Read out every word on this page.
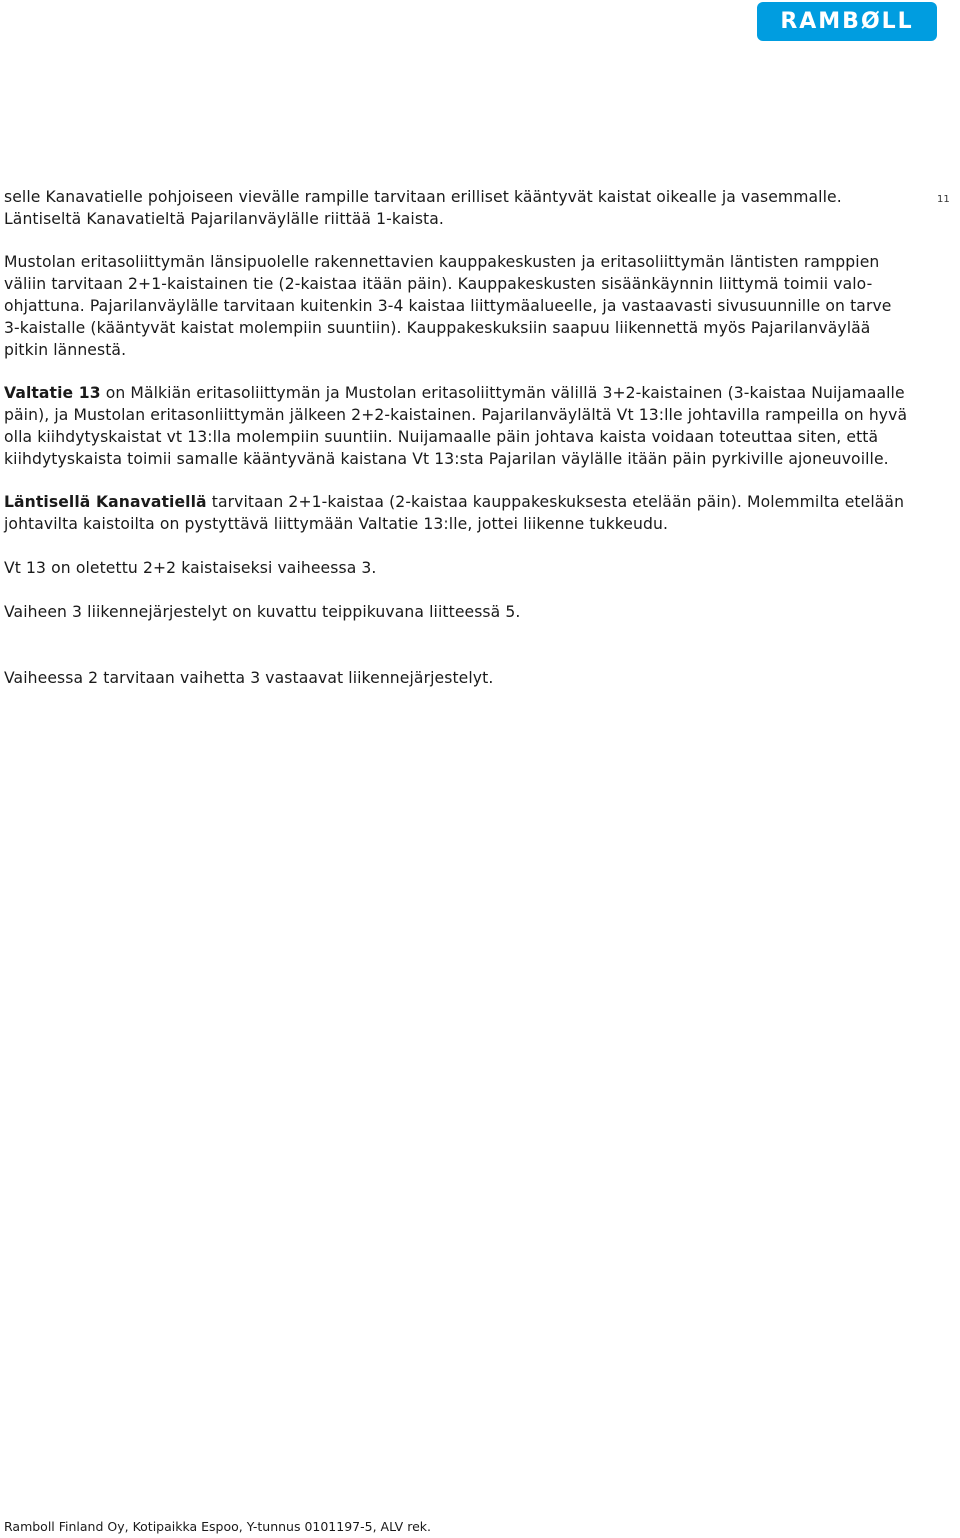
RAMBØLL
11

selle Kanavatielle pohjoiseen vievälle rampille tarvitaan erilliset kääntyvät kaistat oikealle ja vasemmalle. Läntiseltä Kanavatieltä Pajarilanväylälle riittää 1-kaista.

Mustolan eritasoliittymän länsipuolelle rakennettavien kauppakeskusten ja eritasoliittymän läntisten ramppien väliin tarvitaan 2+1-kaistainen tie (2-kaistaa itään päin). Kauppakeskusten sisäänkäynnin liittymä toimii valo-ohjattuna. Pajarilanväylälle tarvitaan kuitenkin 3-4 kaistaa liittymäalueelle, ja vastaavasti sivusuunnille on tarve 3-kaistalle (kääntyvät kaistat molempiin suuntiin). Kauppakeskuksiin saapuu liikennettä myös Pajarilanväylää pitkin lännestä.

Valtatie 13 on Mälkiän eritasoliittymän ja Mustolan eritasoliittymän välillä 3+2-kaistainen (3-kaistaa Nuijamaalle päin), ja Mustolan eritasonliittymän jälkeen 2+2-kaistainen. Pajarilanväylältä Vt 13:lle johtavilla rampeilla on hyvä olla kiihdytyskaistat vt 13:lla molempiin suuntiin. Nuijamaalle päin johtava kaista voidaan toteuttaa siten, että kiihdytyskaista toimii samalle kääntyvänä kaistana Vt 13:sta Pajarilan väylälle itään päin pyrkiville ajoneuvoille.

Läntisellä Kanavatiellä tarvitaan 2+1-kaistaa (2-kaistaa kauppakeskuksesta etelään päin). Molemmilta etelään johtavilta kaistoilta on pystyttävä liittymään Valtatie 13:lle, jottei liikenne tukkeudu.

Vt 13 on oletettu 2+2 kaistaiseksi vaiheessa 3.

Vaiheen 3 liikennejärjestelyt on kuvattu teippikuvana liitteessä 5.

Vaiheessa 2 tarvitaan vaihetta 3 vastaavat liikennejärjestelyt.

Ramboll Finland Oy, Kotipaikka Espoo, Y-tunnus 0101197-5, ALV rek.
